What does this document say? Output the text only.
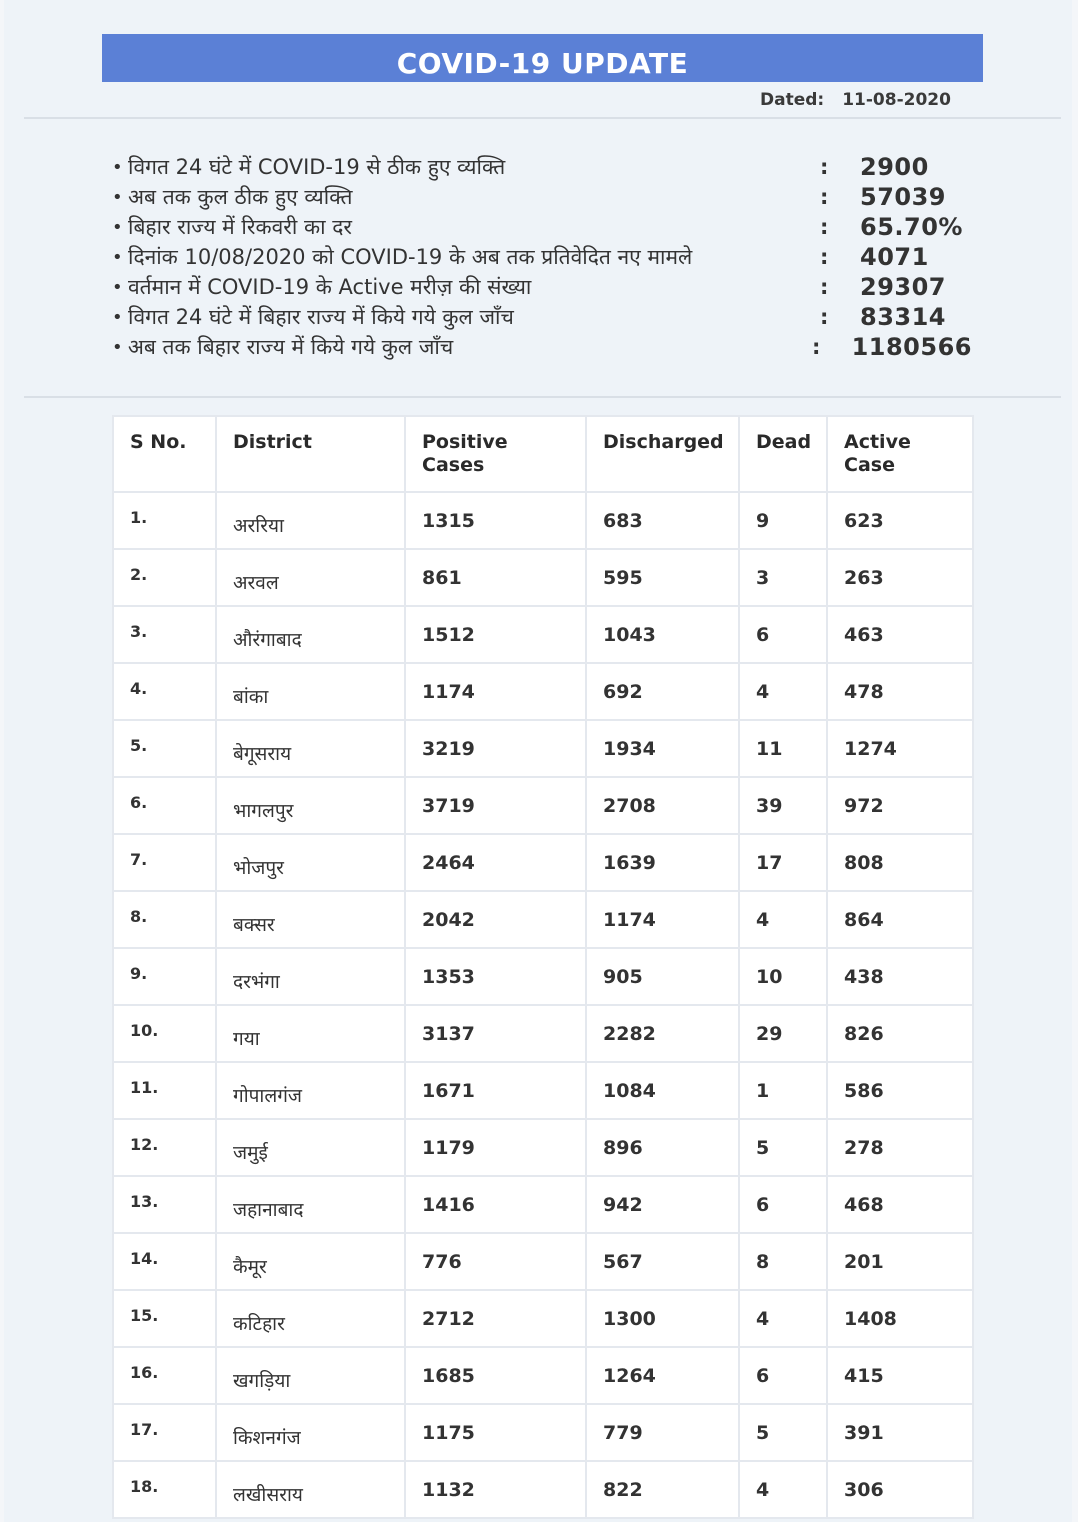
COVID-19 UPDATE
Dated: 11-08-2020
• विगत 24 घंटे में COVID-19 से ठीक हुए व्यक्ति	:	2900
• अब तक कुल ठीक हुए व्यक्ति	:	57039
• बिहार राज्य में रिकवरी का दर	:	65.70%
• दिनांक 10/08/2020 को COVID-19 के अब तक प्रतिवेदित नए मामले	:	4071
• वर्तमान में COVID-19 के Active मरीज़ की संख्या	:	29307
• विगत 24 घंटे में बिहार राज्य में किये गये कुल जाँच	:	83314
• अब तक बिहार राज्य में किये गये कुल जाँच	:	1180566
S No.	District	Positive Cases	Discharged	Dead	Active Case
1.	अररिया	1315	683	9	623
2.	अरवल	861	595	3	263
3.	औरंगाबाद	1512	1043	6	463
4.	बांका	1174	692	4	478
5.	बेगूसराय	3219	1934	11	1274
6.	भागलपुर	3719	2708	39	972
7.	भोजपुर	2464	1639	17	808
8.	बक्सर	2042	1174	4	864
9.	दरभंगा	1353	905	10	438
10.	गया	3137	2282	29	826
11.	गोपालगंज	1671	1084	1	586
12.	जमुई	1179	896	5	278
13.	जहानाबाद	1416	942	6	468
14.	कैमूर	776	567	8	201
15.	कटिहार	2712	1300	4	1408
16.	खगड़िया	1685	1264	6	415
17.	किशनगंज	1175	779	5	391
18.	लखीसराय	1132	822	4	306
